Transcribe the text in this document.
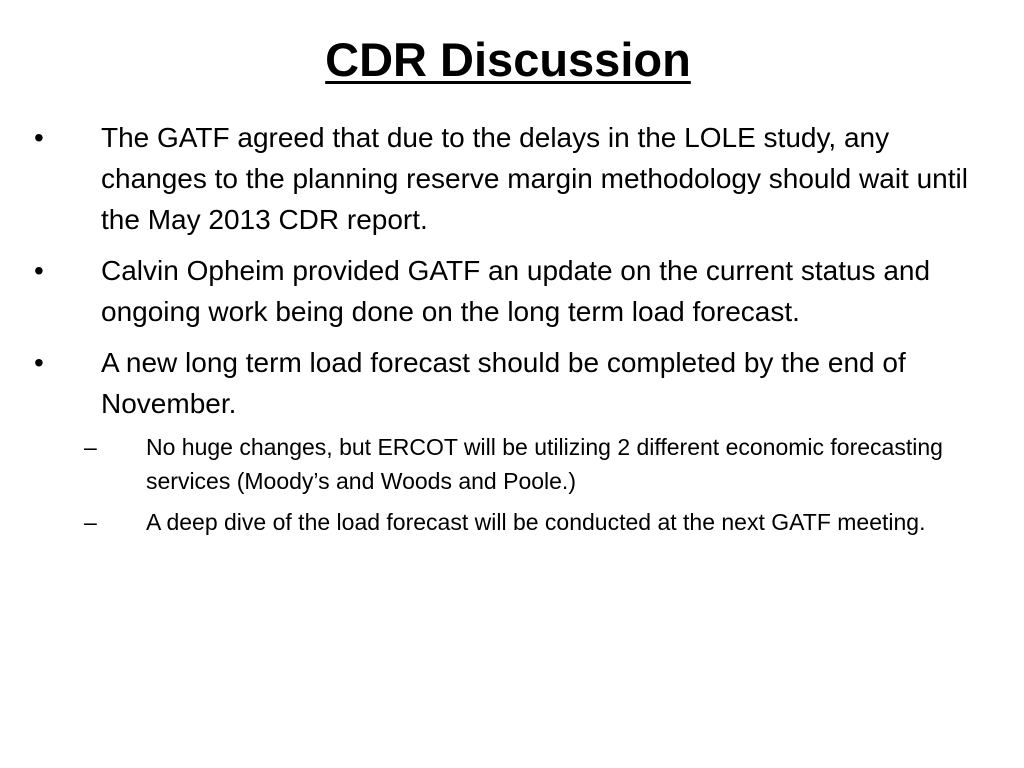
CDR Discussion
• The GATF agreed that due to the delays in the LOLE study, any changes to the planning reserve margin methodology should wait until the May 2013 CDR report.
• Calvin Opheim provided GATF an update on the current status and ongoing work being done on the long term load forecast.
• A new long term load forecast should be completed by the end of November.
– No huge changes, but ERCOT will be utilizing 2 different economic forecasting services (Moody’s and Woods and Poole.)
– A deep dive of the load forecast will be conducted at the next GATF meeting.
